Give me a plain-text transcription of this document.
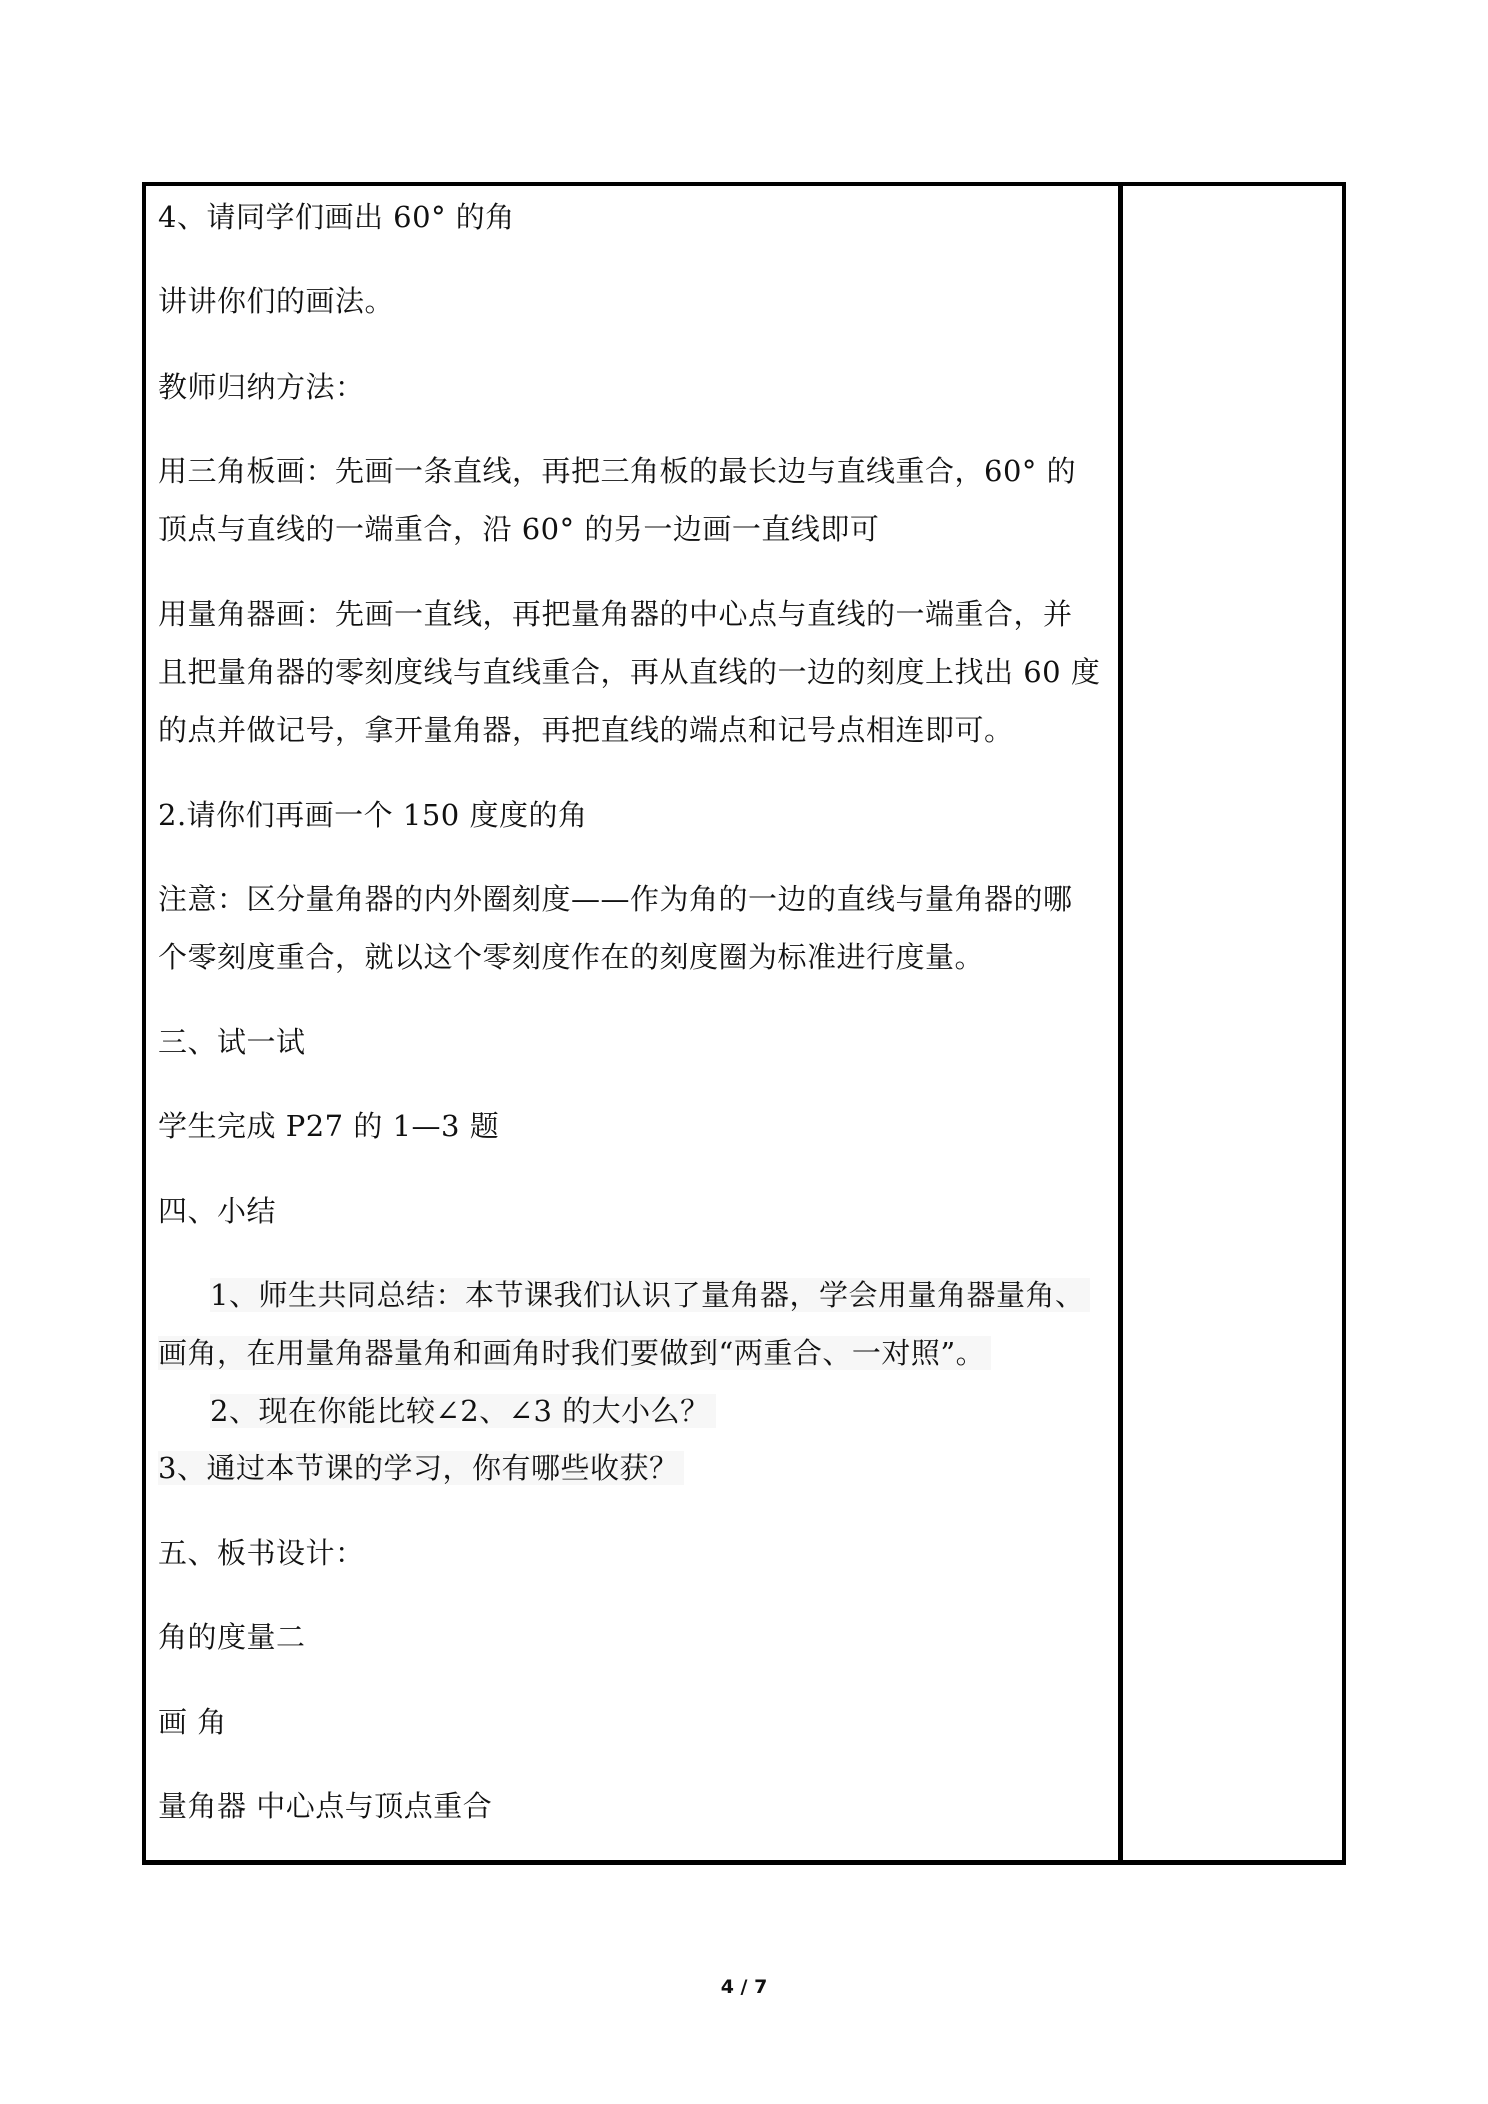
4、请同学们画出 60° 的角
讲讲你们的画法。
教师归纳方法：
用三角板画：先画一条直线，再把三角板的最长边与直线重合，60° 的
顶点与直线的一端重合，沿 60° 的另一边画一直线即可
用量角器画：先画一直线，再把量角器的中心点与直线的一端重合，并
且把量角器的零刻度线与直线重合，再从直线的一边的刻度上找出 60 度
的点并做记号，拿开量角器，再把直线的端点和记号点相连即可。
2.请你们再画一个 150 度度的角
注意：区分量角器的内外圈刻度——作为角的一边的直线与量角器的哪
个零刻度重合，就以这个零刻度作在的刻度圈为标准进行度量。
三、试一试
学生完成 P27 的 1—3 题
四、小结
1、师生共同总结：本节课我们认识了量角器，学会用量角器量角、
画角，在用量角器量角和画角时我们要做到“两重合、一对照”。
2、现在你能比较∠2、∠3 的大小么？
3、通过本节课的学习，你有哪些收获？
五、板书设计：
角的度量二
画 角
量角器 中心点与顶点重合
4 / 7
